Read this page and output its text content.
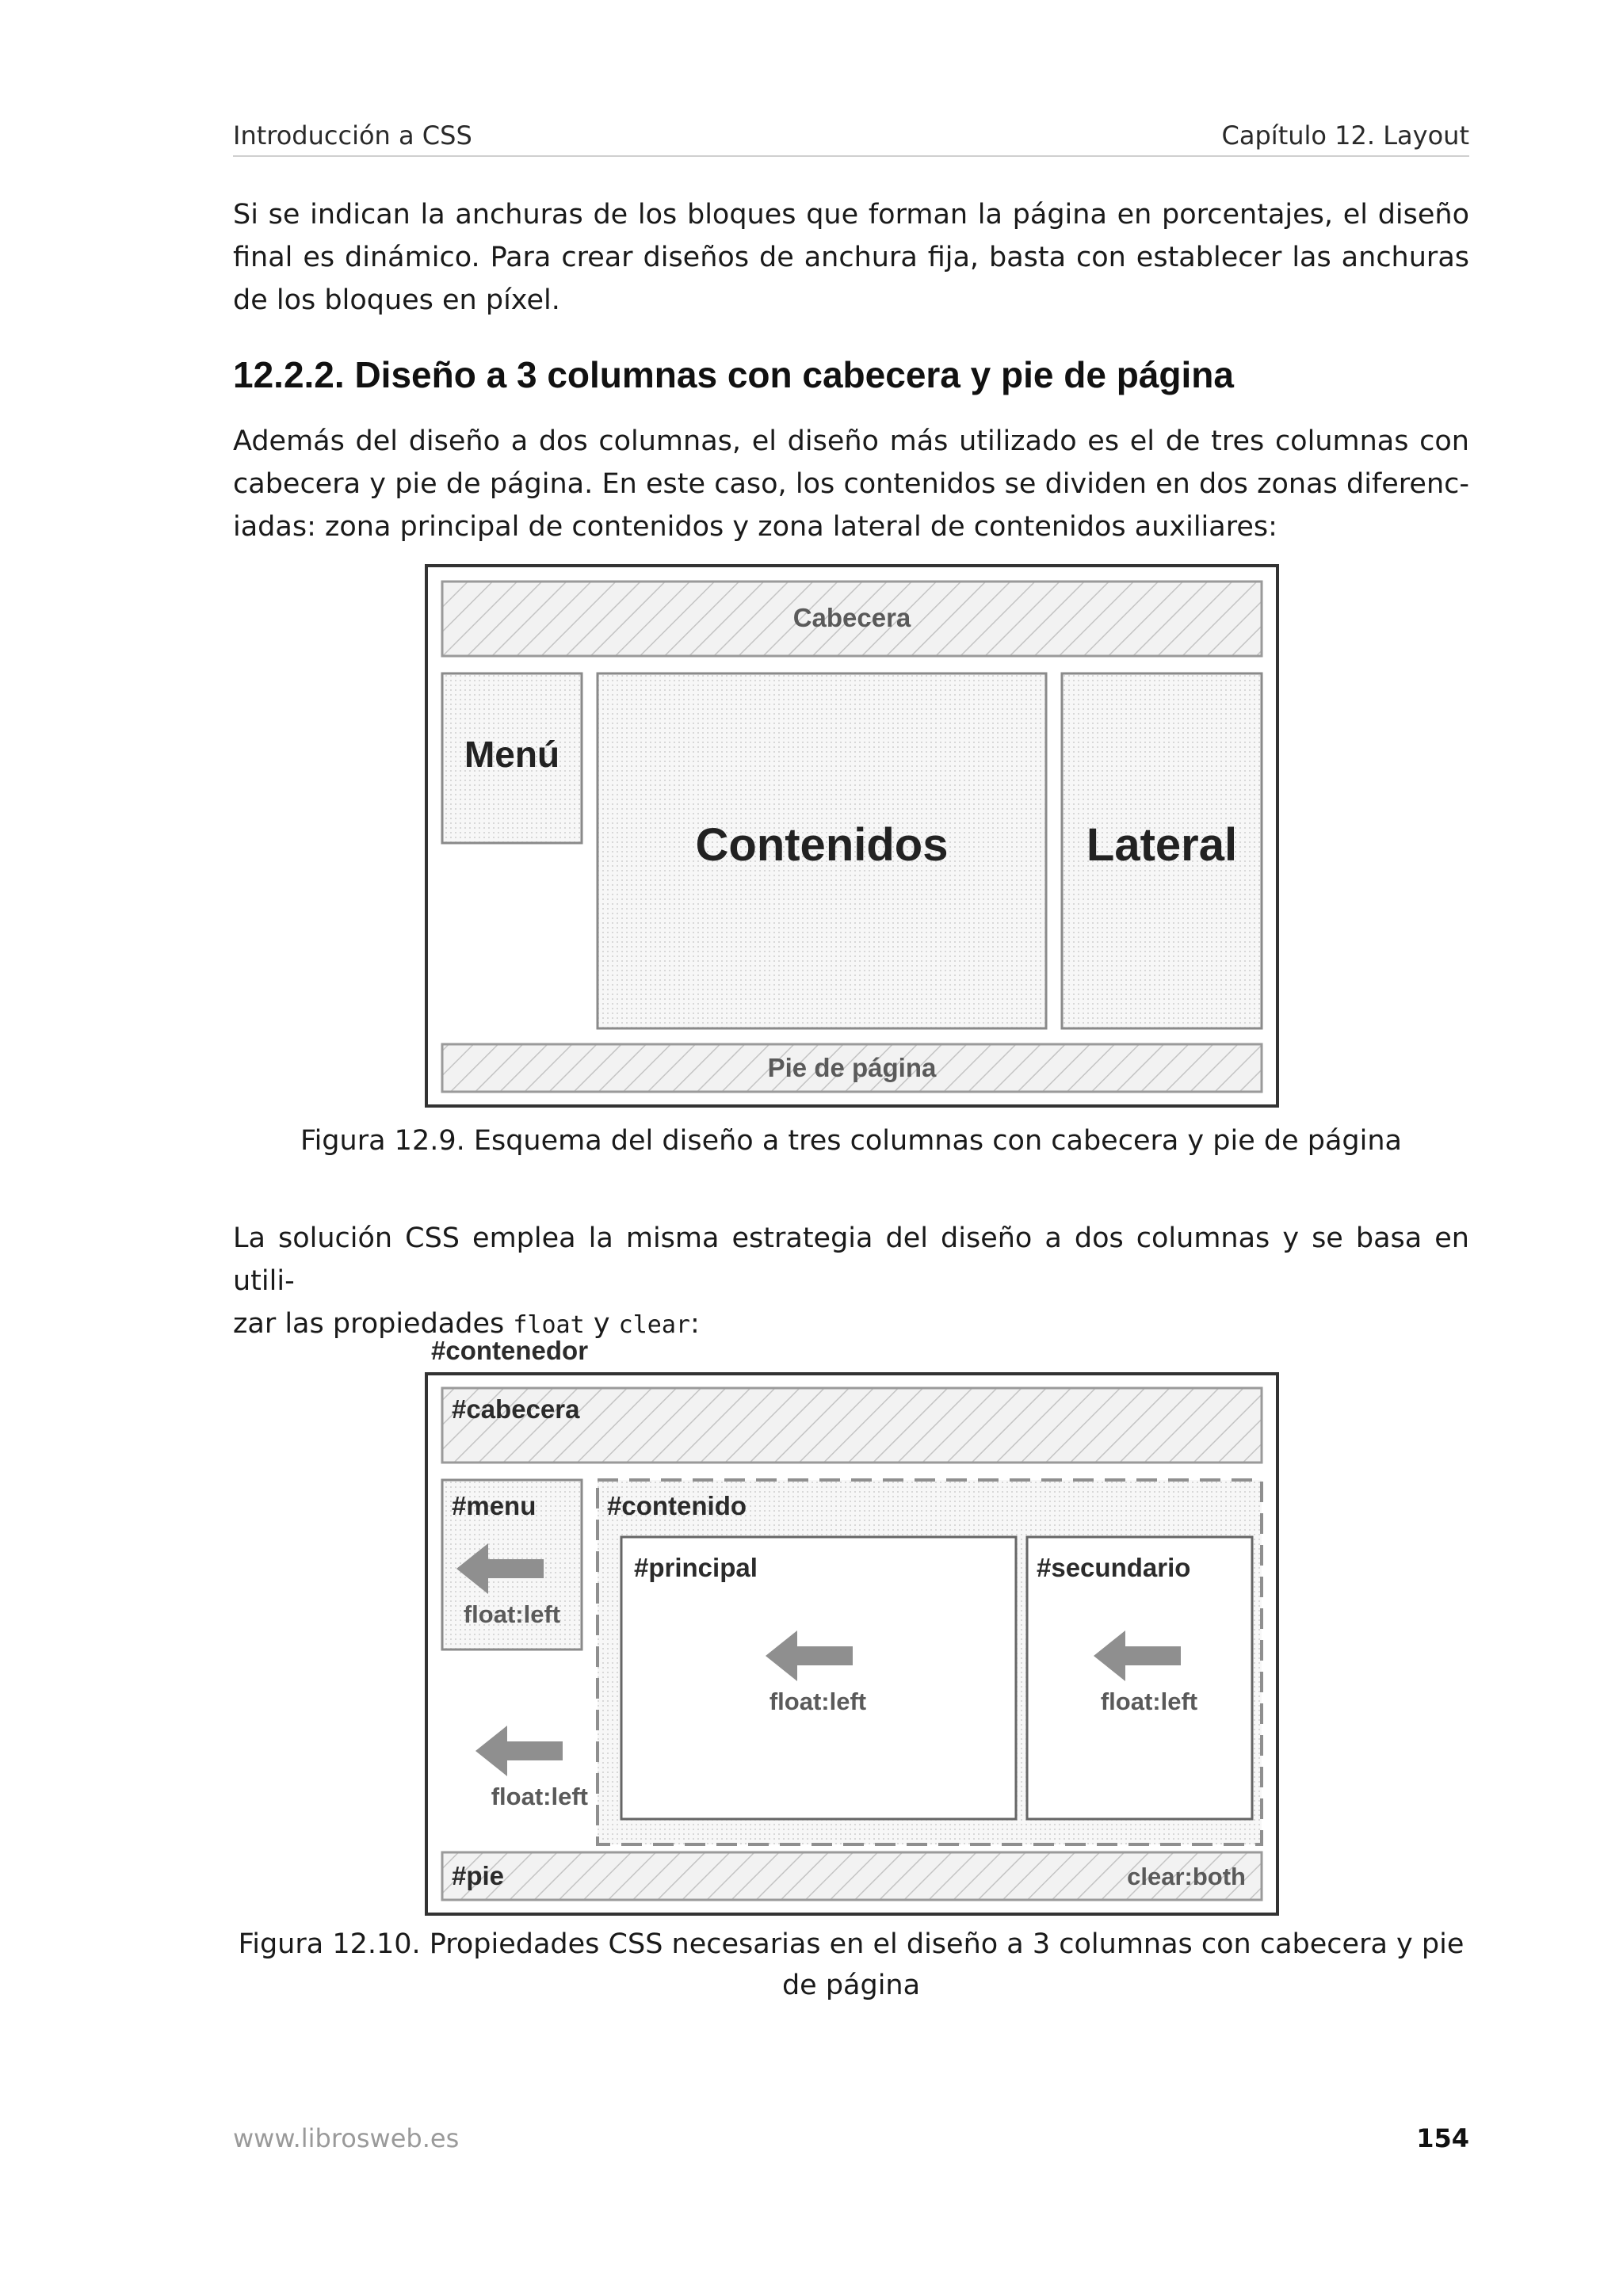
Introducción a CSS	Capítulo 12. Layout
Si se indican la anchuras de los bloques que forman la página en porcentajes, el diseño
final es dinámico. Para crear diseños de anchura fija, basta con establecer las anchuras
de los bloques en píxel.
12.2.2. Diseño a 3 columnas con cabecera y pie de página
Además del diseño a dos columnas, el diseño más utilizado es el de tres columnas con
cabecera y pie de página. En este caso, los contenidos se dividen en dos zonas diferenc-
iadas: zona principal de contenidos y zona lateral de contenidos auxiliares:
Cabecera
Menú
Contenidos	Lateral
Pie de página
Figura 12.9. Esquema del diseño a tres columnas con cabecera y pie de página
La solución CSS emplea la misma estrategia del diseño a dos columnas y se basa en utili-
zar las propiedades float y clear:
#contenedor
#cabecera
#menu
float:left
#contenido
#principal
float:left
#secundario
float:left
float:left
#pie	clear:both
Figura 12.10. Propiedades CSS necesarias en el diseño a 3 columnas con cabecera y pie
de página
www.librosweb.es	154
